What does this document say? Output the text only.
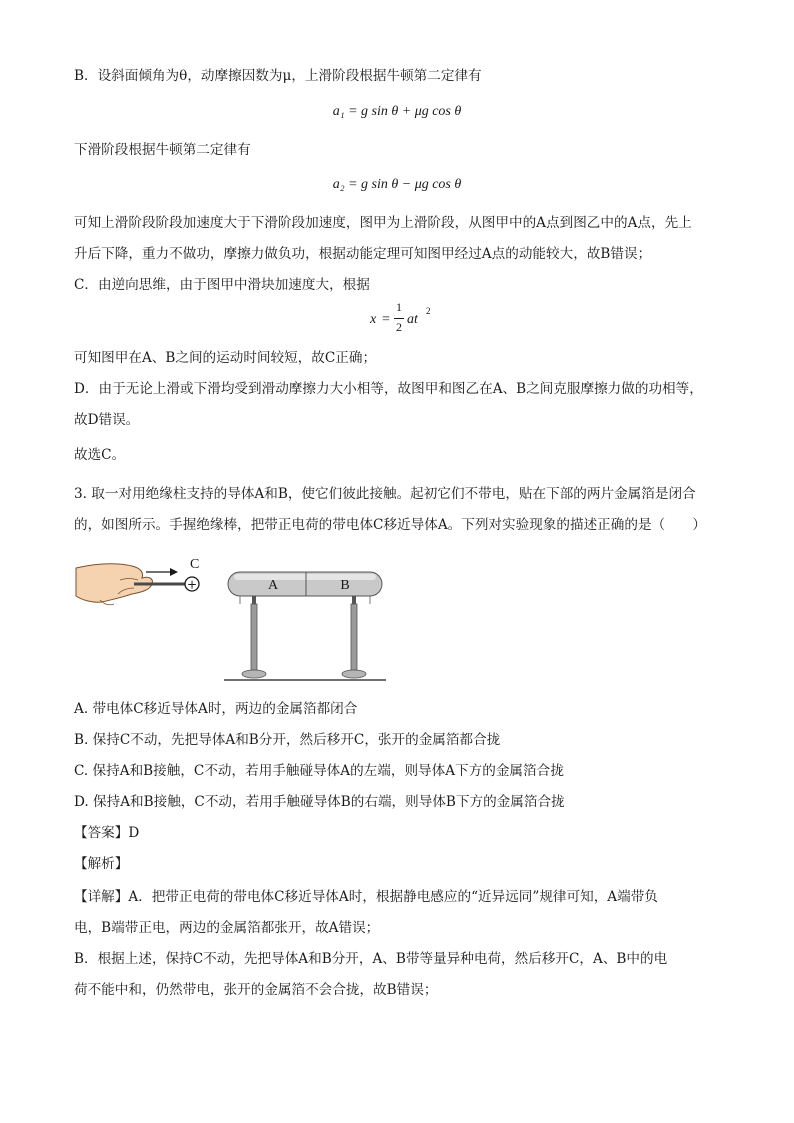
B．设斜面倾角为θ，动摩擦因数为μ，上滑阶段根据牛顿第二定律有
a₁ = g sin θ + μg cos θ
下滑阶段根据牛顿第二定律有
a₂ = g sin θ − μg cos θ
可知上滑阶段阶段加速度大于下滑阶段加速度，图甲为上滑阶段，从图甲中的A点到图乙中的A点，先上
升后下降，重力不做功，摩擦力做负功，根据动能定理可知图甲经过A点的动能较大，故B错误；
C．由逆向思维，由于图甲中滑块加速度大，根据
x =
1
2 at
2
可知图甲在A、B之间的运动时间较短，故C正确；
D．由于无论上滑或下滑均受到滑动摩擦力大小相等，故图甲和图乙在A、B之间克服摩擦力做的功相等，
故D错误。
故选C。
3. 取一对用绝缘柱支持的导体A和B，使它们彼此接触。起初它们不带电，贴在下部的两片金属箔是闭合
的，如图所示。手握绝缘棒，把带正电荷的带电体C移近导体A。下列对实验现象的描述正确的是（　　）
+
C
A	B
A. 带电体C移近导体A时，两边的金属箔都闭合
B. 保持C不动，先把导体A和B分开，然后移开C，张开的金属箔都合拢
C. 保持A和B接触，C不动，若用手触碰导体A的左端，则导体A下方的金属箔合拢
D. 保持A和B接触，C不动，若用手触碰导体B的右端，则导体B下方的金属箔合拢
【答案】D
【解析】
【详解】A．把带正电荷的带电体C移近导体A时，根据静电感应的“近异远同”规律可知，A端带负
电，B端带正电，两边的金属箔都张开，故A错误；
B．根据上述，保持C不动，先把导体A和B分开，A、B带等量异种电荷，然后移开C，A、B中的电
荷不能中和，仍然带电，张开的金属箔不会合拢，故B错误；
